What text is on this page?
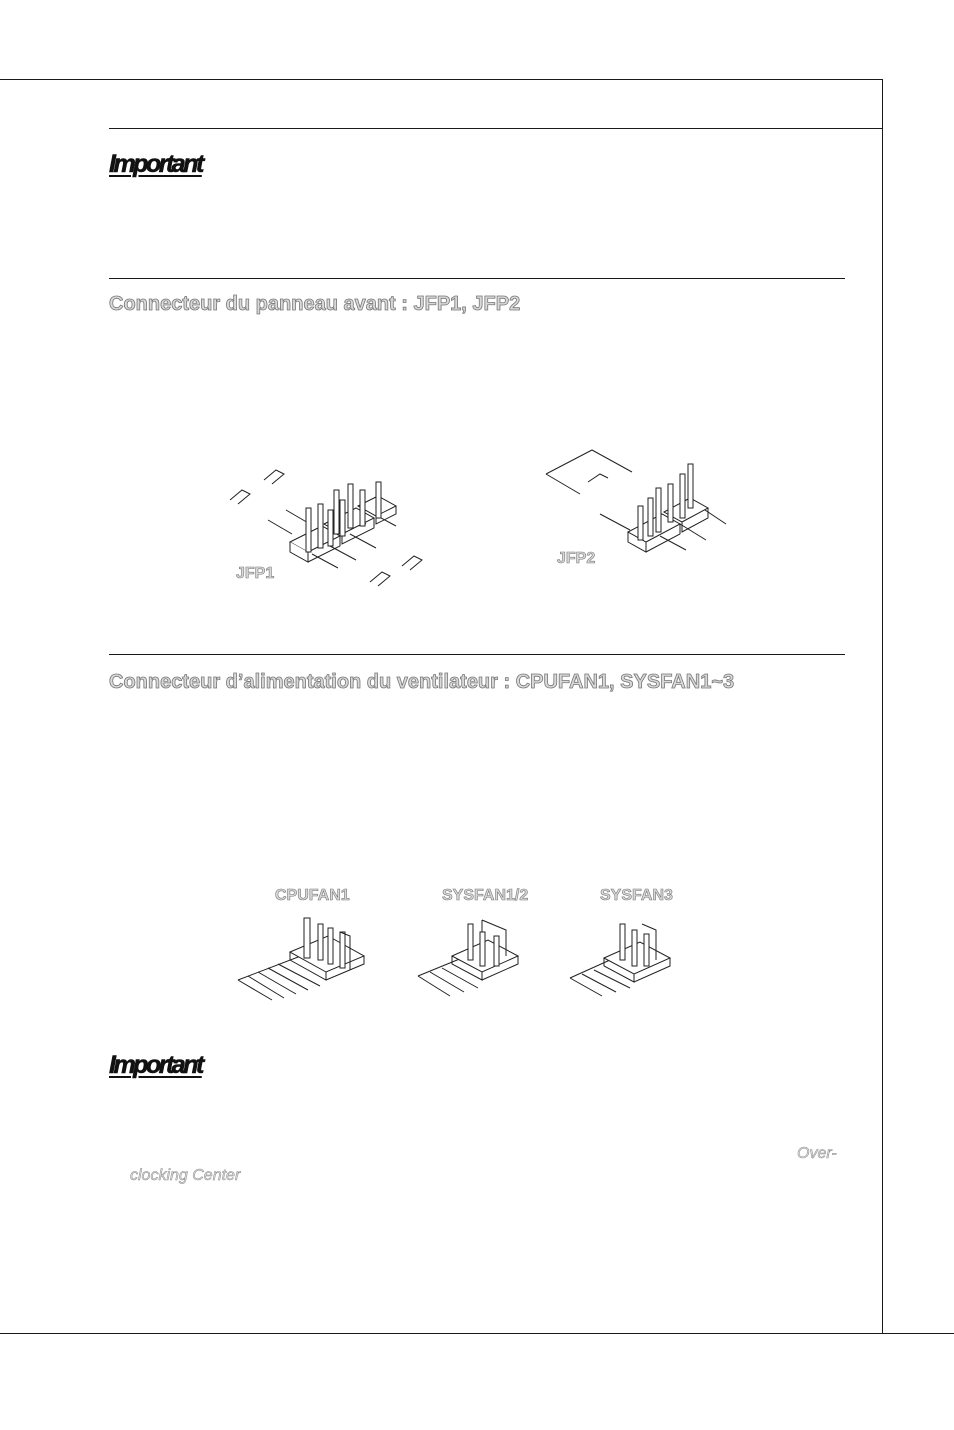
Important
Connecteur du panneau avant : JFP1, JFP2
JFP1
JFP2
Connecteur d’alimentation du ventilateur : CPUFAN1, SYSFAN1~3
CPUFAN1	SYSFAN1/2	SYSFAN3
Important
Over-
clocking Center
